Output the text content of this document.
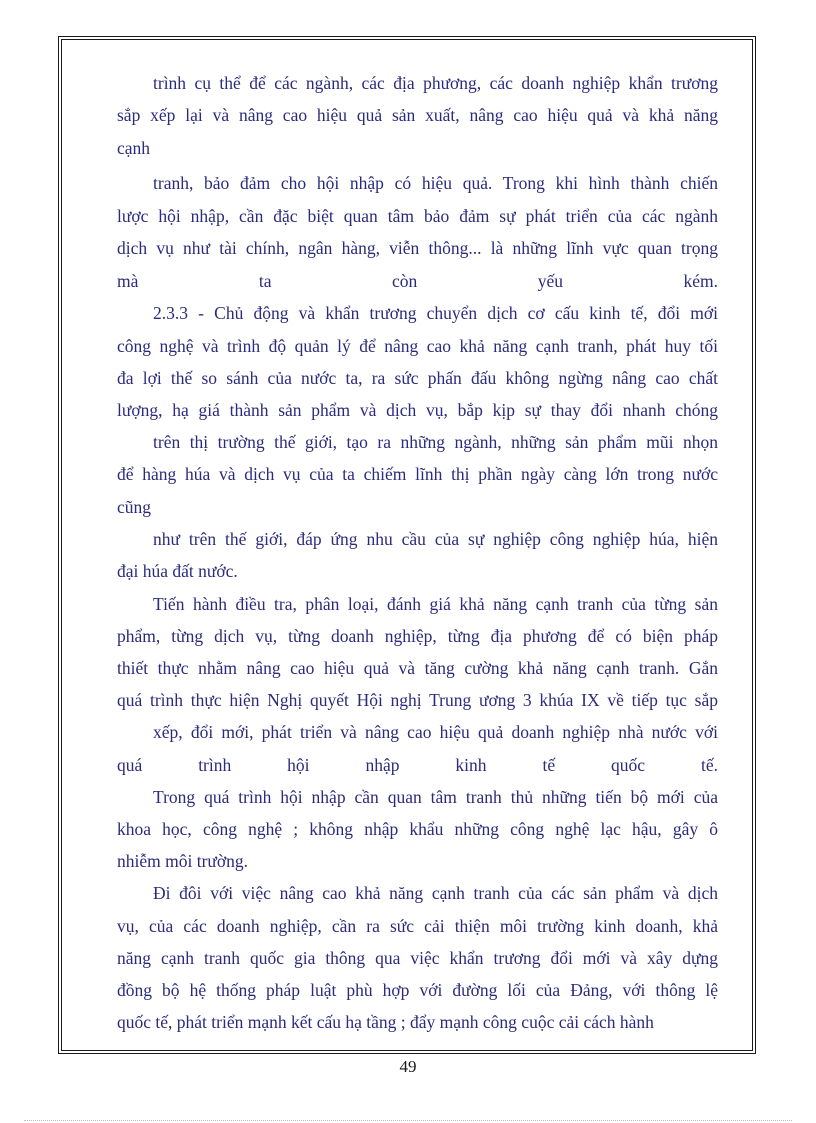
trình cụ thể để các ngành, các địa phương, các doanh nghiệp khẩn trương
sắp xếp lại và nâng cao hiệu quả sản xuất, nâng cao hiệu quả và khả năng
cạnh
tranh, bảo đảm cho hội nhập có hiệu quả. Trong khi hình thành chiến
lược hội nhập, cần đặc biệt quan tâm bảo đảm sự phát triển của các ngành
dịch vụ như tài chính, ngân hàng, viễn thông... là những lĩnh vực quan trọng
mà ta còn yếu kém.
2.3.3 - Chủ động và khẩn trương chuyển dịch cơ cấu kinh tế, đổi mới
công nghệ và trình độ quản lý để nâng cao khả năng cạnh tranh, phát huy tối
đa lợi thế so sánh của nước ta, ra sức phấn đấu không ngừng nâng cao chất
lượng, hạ giá thành sản phẩm và dịch vụ, bắp kịp sự thay đổi nhanh chóng
trên thị trường thế giới, tạo ra những ngành, những sản phẩm mũi nhọn
để hàng húa và dịch vụ của ta chiếm lĩnh thị phần ngày càng lớn trong nước
cũng
như trên thế giới, đáp ứng nhu cầu của sự nghiệp công nghiệp húa, hiện
đại húa đất nước.
Tiến hành điều tra, phân loại, đánh giá khả năng cạnh tranh của từng sản
phẩm, từng dịch vụ, từng doanh nghiệp, từng địa phương để có biện pháp
thiết thực nhằm nâng cao hiệu quả và tăng cường khả năng cạnh tranh. Gắn
quá trình thực hiện Nghị quyết Hội nghị Trung ương 3 khúa IX về tiếp tục sắp
xếp, đổi mới, phát triển và nâng cao hiệu quả doanh nghiệp nhà nước với
quá trình hội nhập kinh tế quốc tế.
Trong quá trình hội nhập cần quan tâm tranh thủ những tiến bộ mới của
khoa học, công nghệ ; không nhập khẩu những công nghệ lạc hậu, gây ô
nhiễm môi trường.
Đi đôi với việc nâng cao khả năng cạnh tranh của các sản phẩm và dịch
vụ, của các doanh nghiệp, cần ra sức cải thiện môi trường kinh doanh, khả
năng cạnh tranh quốc gia thông qua việc khẩn trương đổi mới và xây dựng
đồng bộ hệ thống pháp luật phù hợp với đường lối của Đảng, với thông lệ
quốc tế, phát triển mạnh kết cấu hạ tầng ; đẩy mạnh công cuộc cải cách hành
49
